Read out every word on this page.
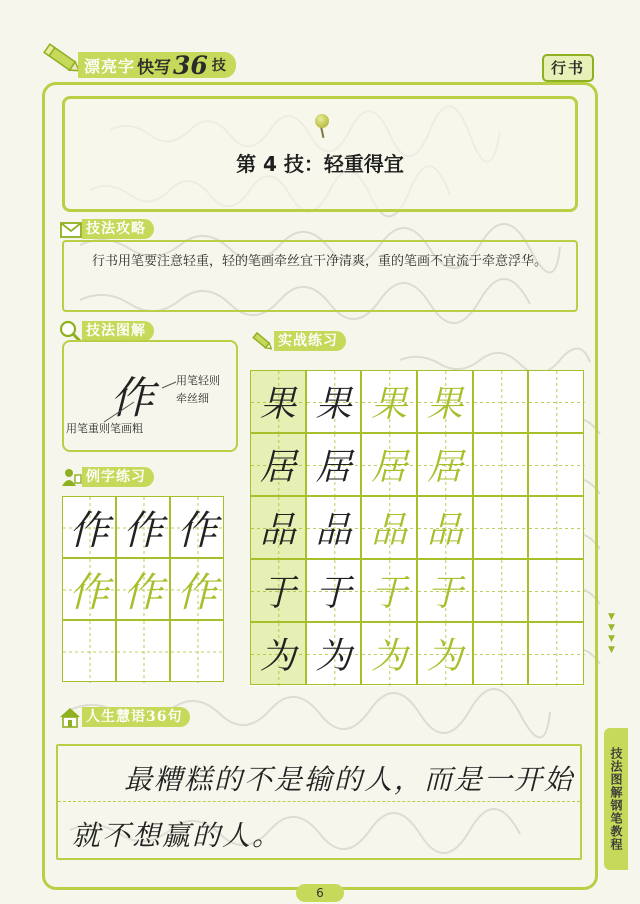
漂亮字 快写 36 技	行书
第 4 技：轻重得宜
技法攻略
行书用笔要注意轻重，轻的笔画牵丝宜干净清爽，重的笔画不宜流于牵意浮华。
技法图解
作 用笔轻则
牵丝细
用笔重则笔画粗
例字练习
作 作 作
作 作 作
实战练习
果 果 果 果
居 居 居 居
品 品 品 品
于 于 于 于
为 为 为 为
人生慧语36句
最糟糕的不是输的人，而是一开始
就不想赢的人。
▼
▼
▼
▼
技法图解钢笔教程
6
